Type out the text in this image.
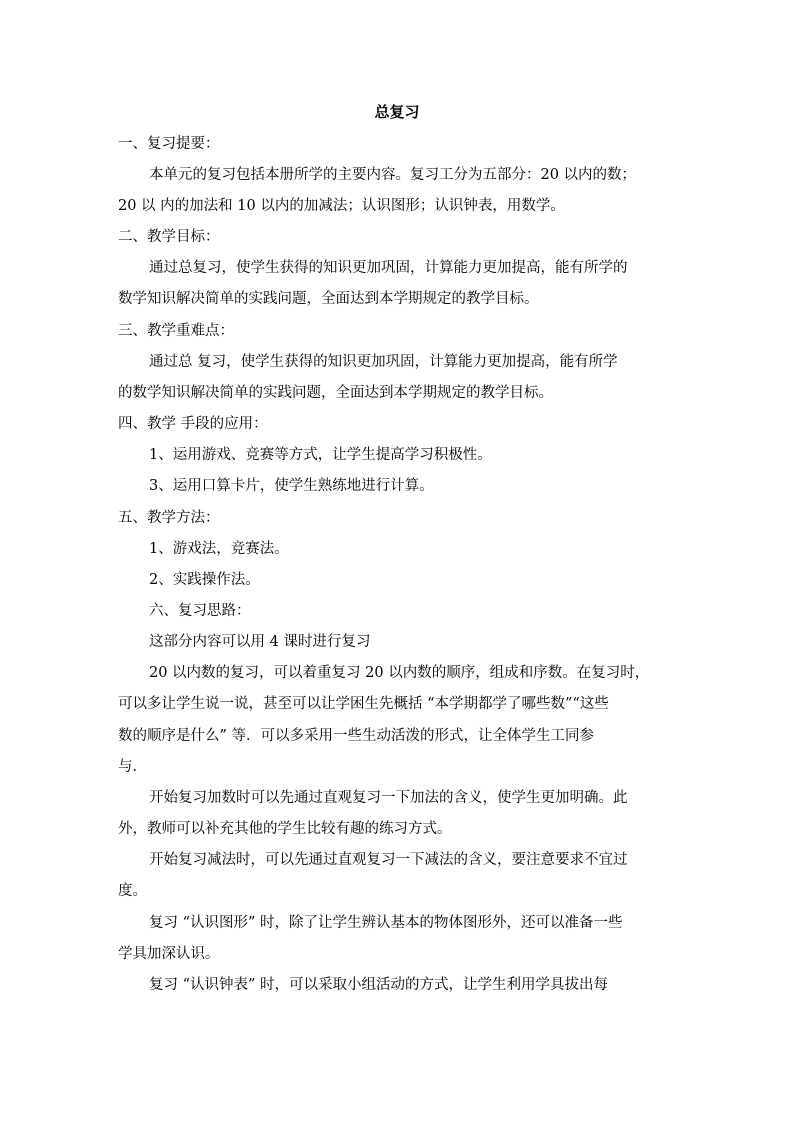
总复习
一、复习提要：
本单元的复习包括本册所学的主要内容。复习工分为五部分：20 以内的数；
20 以 内的加法和 10 以内的加减法；认识图形；认识钟表，用数学。
二、教学目标：
通过总复习，使学生获得的知识更加巩固，计算能力更加提高，能有所学的
数学知识解决简单的实践问题，全面达到本学期规定的教学目标。
三、教学重难点：
通过总 复习，使学生获得的知识更加巩固，计算能力更加提高，能有所学
的数学知识解决简单的实践问题，全面达到本学期规定的教学目标。
四、教学 手段的应用：
1、运用游戏、竞赛等方式，让学生提高学习积极性。
3、运用口算卡片，使学生熟练地进行计算。
五、教学方法：
1、游戏法，竞赛法。
2、实践操作法。
六、复习思路：
这部分内容可以用 4 课时进行复习
20 以内数的复习，可以着重复习 20 以内数的顺序，组成和序数。在复习时，
可以多让学生说一说，甚至可以让学困生先概括 “本学期都学了哪些数”“这些
数的顺序是什么” 等．可以多采用一些生动活泼的形式，让全体学生工同参
与．
开始复习加数时可以先通过直观复习一下加法的含义，使学生更加明确。此
外，教师可以补充其他的学生比较有趣的练习方式。
开始复习减法时，可以先通过直观复习一下减法的含义，要注意要求不宜过
度。
复习 “认识图形” 时，除了让学生辨认基本的物体图形外，还可以准备一些
学具加深认识。
复习 “认识钟表” 时，可以采取小组活动的方式，让学生利用学具拔出每
